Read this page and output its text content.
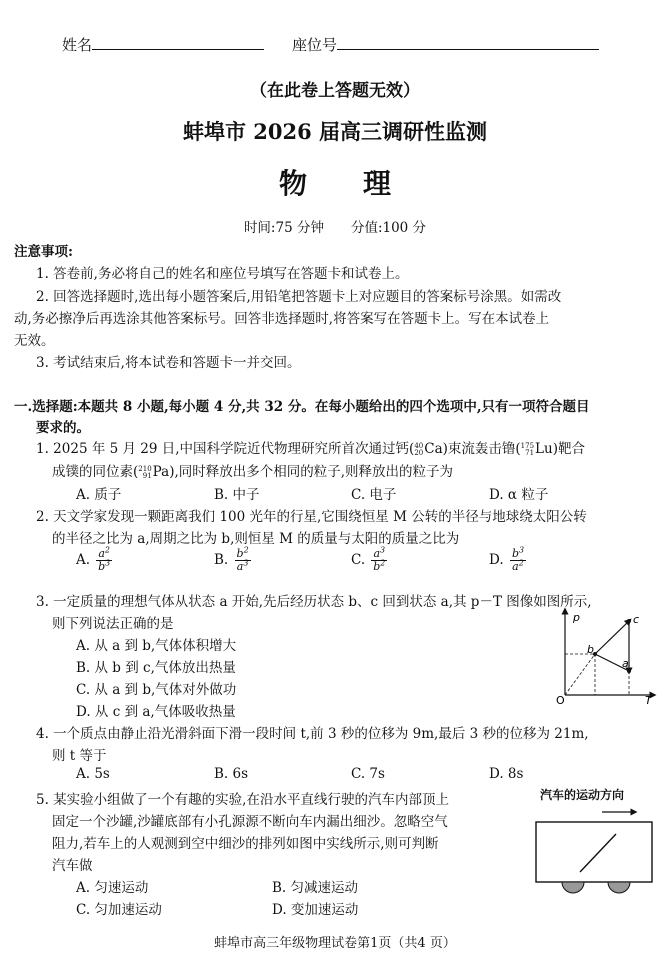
姓名	座位号
（在此卷上答题无效）
蚌埠市 2026 届高三调研性监测
物　　理
时间:75 分钟　　分值:100 分
注意事项:
1. 答卷前,务必将自己的姓名和座位号填写在答题卡和试卷上。
2. 回答选择题时,选出每小题答案后,用铅笔把答题卡上对应题目的答案标号涂黑。如需改
动,务必擦净后再选涂其他答案标号。回答非选择题时,将答案写在答题卡上。写在本试卷上
无效。
3. 考试结束后,将本试卷和答题卡一并交回。
一.选择题:本题共 8 小题,每小题 4 分,共 32 分。在每小题给出的四个选项中,只有一项符合题目
要求的。
1. 2025 年 5 月 29 日,中国科学院近代物理研究所首次通过钙( 40
20 Ca)束流轰击镥( 175
71 Lu)靶合
成镤的同位素( 210
91 Pa),同时释放出多个相同的粒子,则释放出的粒子为
A. 质子	B. 中子	C. 电子	D. α 粒子
2. 天文学家发现一颗距离我们 100 光年的行星,它围绕恒星 M 公转的半径与地球绕太阳公转
的半径之比为 a,周期之比为 b,则恒星 M 的质量与太阳的质量之比为
A. $\frac{a^2}{b^3}$	B. $\frac{b^2}{a^3}$	C. $\frac{a^3}{b^2}$	D. $\frac{b^3}{a^2}$
3. 一定质量的理想气体从状态 a 开始,先后经历状态 b、c 回到状态 a,其 p－T 图像如图所示,
则下列说法正确的是
A. 从 a 到 b,气体体积增大
B. 从 b 到 c,气体放出热量
C. 从 a 到 b,气体对外做功
D. 从 c 到 a,气体吸收热量
p
T
O
b
c
a
4. 一个质点由静止沿光滑斜面下滑一段时间 t,前 3 秒的位移为 9m,最后 3 秒的位移为 21m,
则 t 等于
A. 5s	B. 6s	C. 7s	D. 8s
5. 某实验小组做了一个有趣的实验,在沿水平直线行驶的汽车内部顶上
固定一个沙罐,沙罐底部有小孔源源不断向车内漏出细沙。忽略空气
阻力,若车上的人观测到空中细沙的排列如图中实线所示,则可判断
汽车做
A. 匀速运动	B. 匀减速运动
C. 匀加速运动	D. 变加速运动
汽车的运动方向
蚌埠市高三年级物理试卷第1页（共4 页）
